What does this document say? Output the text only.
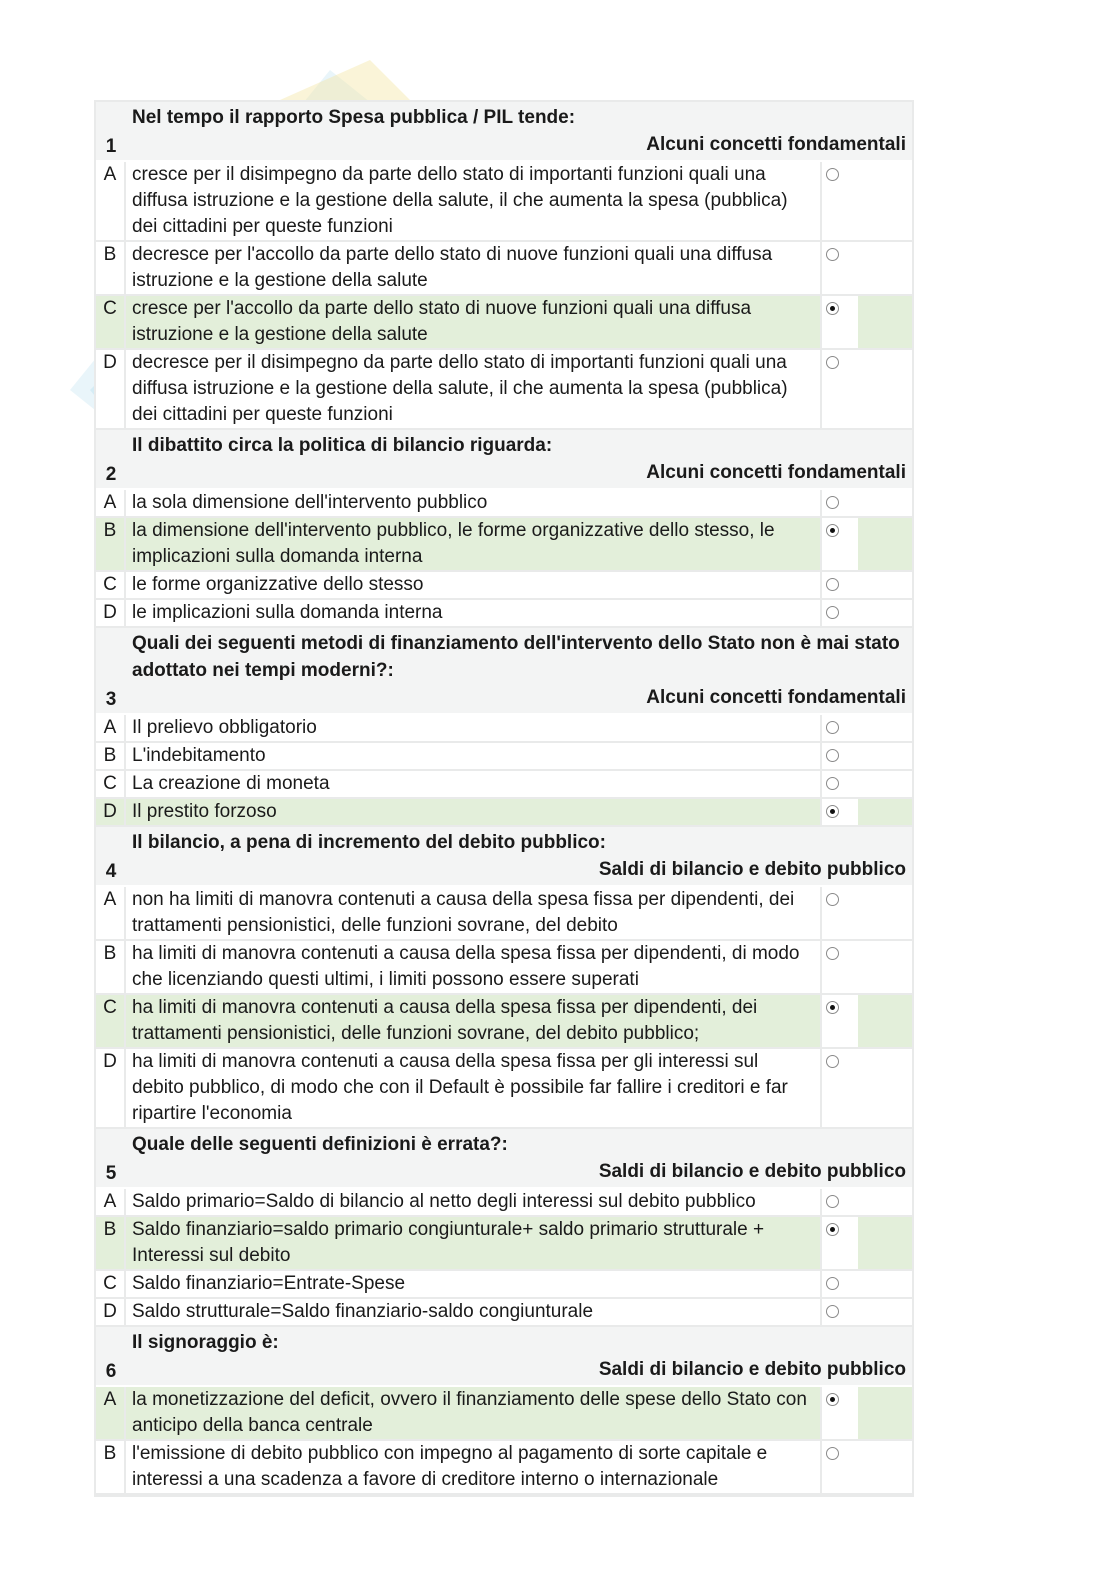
1
Nel tempo il rapporto Spesa pubblica / PIL tende:
Alcuni concetti fondamentali
A cresce per il disimpegno da parte dello stato di importanti funzioni quali una diffusa istruzione e la gestione della salute, il che aumenta la spesa (pubblica) dei cittadini per queste funzioni
B decresce per l'accollo da parte dello stato di nuove funzioni quali una diffusa istruzione e la gestione della salute
C cresce per l'accollo da parte dello stato di nuove funzioni quali una diffusa istruzione e la gestione della salute
D decresce per il disimpegno da parte dello stato di importanti funzioni quali una diffusa istruzione e la gestione della salute, il che aumenta la spesa (pubblica) dei cittadini per queste funzioni
2
Il dibattito circa la politica di bilancio riguarda:
Alcuni concetti fondamentali
A la sola dimensione dell'intervento pubblico
B la dimensione dell'intervento pubblico, le forme organizzative dello stesso, le implicazioni sulla domanda interna
C le forme organizzative dello stesso
D le implicazioni sulla domanda interna
3
Quali dei seguenti metodi di finanziamento dell'intervento dello Stato non è mai stato adottato nei tempi moderni?:
Alcuni concetti fondamentali
A Il prelievo obbligatorio
B L'indebitamento
C La creazione di moneta
D Il prestito forzoso
4
Il bilancio, a pena di incremento del debito pubblico:
Saldi di bilancio e debito pubblico
A non ha limiti di manovra contenuti a causa della spesa fissa per dipendenti, dei trattamenti pensionistici, delle funzioni sovrane, del debito
B ha limiti di manovra contenuti a causa della spesa fissa per dipendenti, di modo che licenziando questi ultimi, i limiti possono essere superati
C ha limiti di manovra contenuti a causa della spesa fissa per dipendenti, dei trattamenti pensionistici, delle funzioni sovrane, del debito pubblico;
D ha limiti di manovra contenuti a causa della spesa fissa per gli interessi sul debito pubblico, di modo che con il Default è possibile far fallire i creditori e far ripartire l'economia
5
Quale delle seguenti definizioni è errata?:
Saldi di bilancio e debito pubblico
A Saldo primario=Saldo di bilancio al netto degli interessi sul debito pubblico
B Saldo finanziario=saldo primario congiunturale+ saldo primario strutturale + Interessi sul debito
C Saldo finanziario=Entrate-Spese
D Saldo strutturale=Saldo finanziario-saldo congiunturale
6
Il signoraggio è:
Saldi di bilancio e debito pubblico
A la monetizzazione del deficit, ovvero il finanziamento delle spese dello Stato con anticipo della banca centrale
B l'emissione di debito pubblico con impegno al pagamento di sorte capitale e interessi a una scadenza a favore di creditore interno o internazionale
